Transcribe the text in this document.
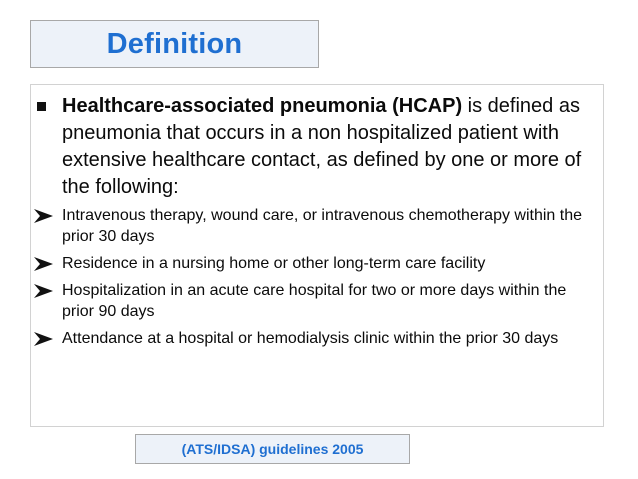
Definition
Healthcare-associated pneumonia (HCAP) is defined as pneumonia that occurs in a non hospitalized patient with extensive healthcare contact, as defined by one or more of the following:
Intravenous therapy, wound care, or intravenous chemotherapy within the prior 30 days
Residence in a nursing home or other long-term care facility
Hospitalization in an acute care hospital for two or more days within the prior 90 days
Attendance at a hospital or hemodialysis clinic within the prior 30 days
(ATS/IDSA) guidelines 2005
